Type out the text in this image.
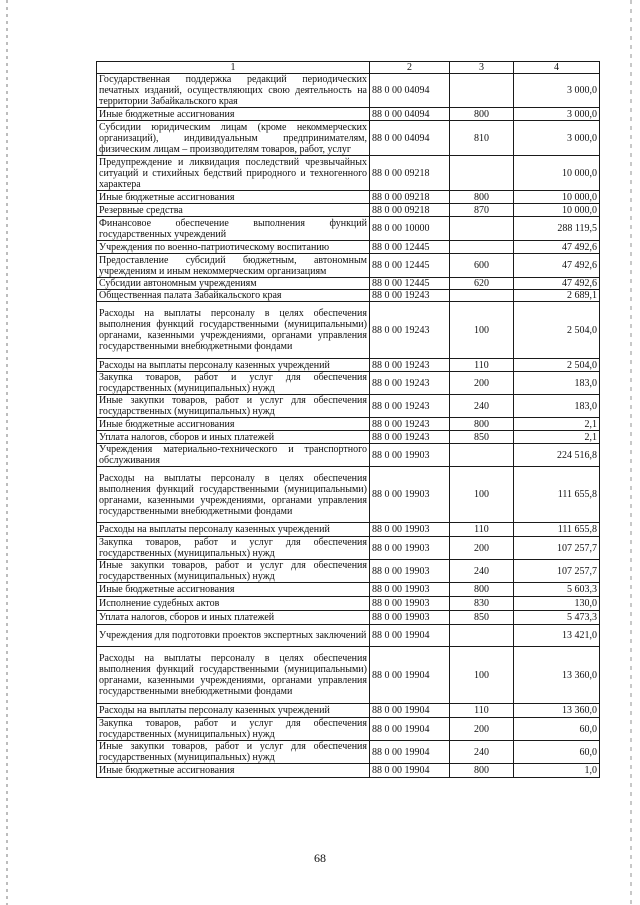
1	2	3	4
Государственная поддержка редакций периодических печатных изданий, осуществляющих свою деятельность на территории Забайкальского края	88 0 00 04094		3 000,0
Иные бюджетные ассигнования	88 0 00 04094	800	3 000,0
Субсидии юридическим лицам (кроме некоммерческих организаций), индивидуальным предпринимателям, физическим лицам – производителям товаров, работ, услуг	88 0 00 04094	810	3 000,0
Предупреждение и ликвидация последствий чрезвычайных ситуаций и стихийных бедствий природного и техногенного характера	88 0 00 09218		10 000,0
Иные бюджетные ассигнования	88 0 00 09218	800	10 000,0
Резервные средства	88 0 00 09218	870	10 000,0
Финансовое обеспечение выполнения функций государственных учреждений	88 0 00 10000		288 119,5
Учреждения по военно-патриотическому воспитанию	88 0 00 12445		47 492,6
Предоставление субсидий бюджетным, автономным учреждениям и иным некоммерческим организациям	88 0 00 12445	600	47 492,6
Субсидии автономным учреждениям	88 0 00 12445	620	47 492,6
Общественная палата Забайкальского края	88 0 00 19243		2 689,1
Расходы на выплаты персоналу в целях обеспечения выполнения функций государственными (муниципальными) органами, казенными учреждениями, органами управления государственными внебюджетными фондами	88 0 00 19243	100	2 504,0
Расходы на выплаты персоналу казенных учреждений	88 0 00 19243	110	2 504,0
Закупка товаров, работ и услуг для обеспечения государственных (муниципальных) нужд	88 0 00 19243	200	183,0
Иные закупки товаров, работ и услуг для обеспечения государственных (муниципальных) нужд	88 0 00 19243	240	183,0
Иные бюджетные ассигнования	88 0 00 19243	800	2,1
Уплата налогов, сборов и иных платежей	88 0 00 19243	850	2,1
Учреждения материально-технического и транспортного обслуживания	88 0 00 19903		224 516,8
Расходы на выплаты персоналу в целях обеспечения выполнения функций государственными (муниципальными) органами, казенными учреждениями, органами управления государственными внебюджетными фондами	88 0 00 19903	100	111 655,8
Расходы на выплаты персоналу казенных учреждений	88 0 00 19903	110	111 655,8
Закупка товаров, работ и услуг для обеспечения государственных (муниципальных) нужд	88 0 00 19903	200	107 257,7
Иные закупки товаров, работ и услуг для обеспечения государственных (муниципальных) нужд	88 0 00 19903	240	107 257,7
Иные бюджетные ассигнования	88 0 00 19903	800	5 603,3
Исполнение судебных актов	88 0 00 19903	830	130,0
Уплата налогов, сборов и иных платежей	88 0 00 19903	850	5 473,3
Учреждения для подготовки проектов экспертных заключений	88 0 00 19904		13 421,0
Расходы на выплаты персоналу в целях обеспечения выполнения функций государственными (муниципальными) органами, казенными учреждениями, органами управления государственными внебюджетными фондами	88 0 00 19904	100	13 360,0
Расходы на выплаты персоналу казенных учреждений	88 0 00 19904	110	13 360,0
Закупка товаров, работ и услуг для обеспечения государственных (муниципальных) нужд	88 0 00 19904	200	60,0
Иные закупки товаров, работ и услуг для обеспечения государственных (муниципальных) нужд	88 0 00 19904	240	60,0
Иные бюджетные ассигнования	88 0 00 19904	800	1,0
68
